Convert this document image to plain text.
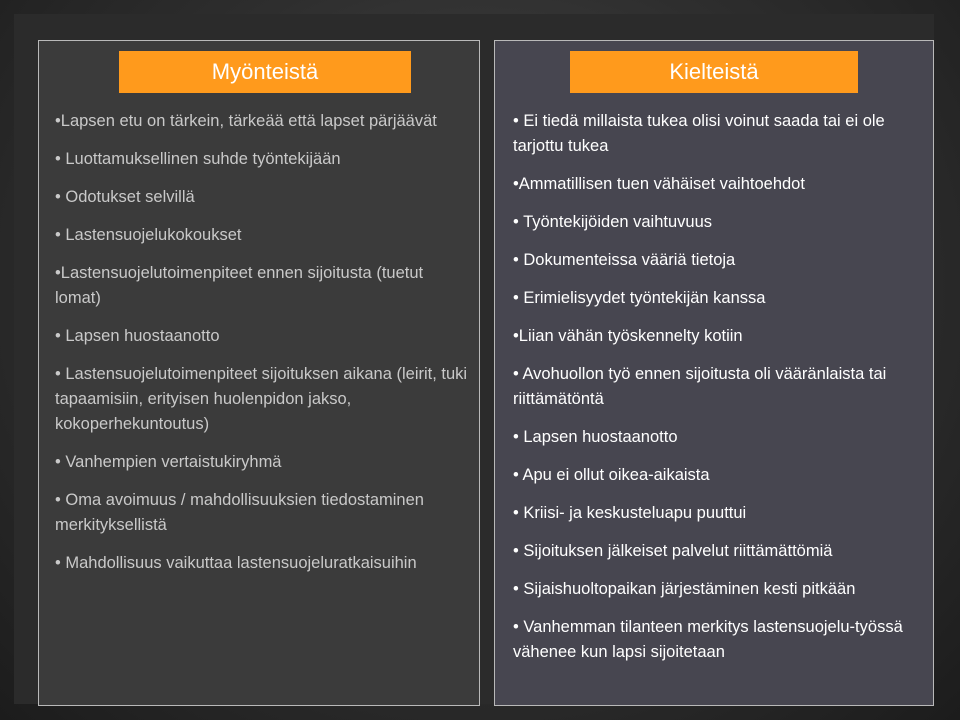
Myönteistä
•Lapsen etu on tärkein, tärkeää että lapset pärjäävät
• Luottamuksellinen suhde työntekijään
• Odotukset selvillä
• Lastensuojelukokoukset
•Lastensuojelutoimenpiteet ennen sijoitusta (tuetut lomat)
• Lapsen huostaanotto
• Lastensuojelutoimenpiteet sijoituksen aikana (leirit, tuki tapaamisiin, erityisen huolenpidon jakso, kokoperhekuntoutus)
• Vanhempien vertaistukiryhmä
• Oma avoimuus / mahdollisuuksien tiedostaminen merkityksellistä
• Mahdollisuus vaikuttaa lastensuojeluratkaisuihin
Kielteistä
• Ei tiedä millaista tukea olisi voinut saada tai ei ole tarjottu tukea
•Ammatillisen tuen vähäiset vaihtoehdot
• Työntekijöiden vaihtuvuus
• Dokumenteissa vääriä tietoja
• Erimielisyydet työntekijän kanssa
•Liian vähän työskennelty kotiin
• Avohuollon työ ennen sijoitusta oli vääränlaista tai riittämätöntä
• Lapsen huostaanotto
• Apu ei ollut oikea-aikaista
• Kriisi- ja keskusteluapu puuttui
• Sijoituksen jälkeiset palvelut riittämättömiä
• Sijaishuoltopaikan järjestäminen kesti pitkään
• Vanhemman tilanteen merkitys lastensuojelu-työssä vähenee kun lapsi sijoitetaan
